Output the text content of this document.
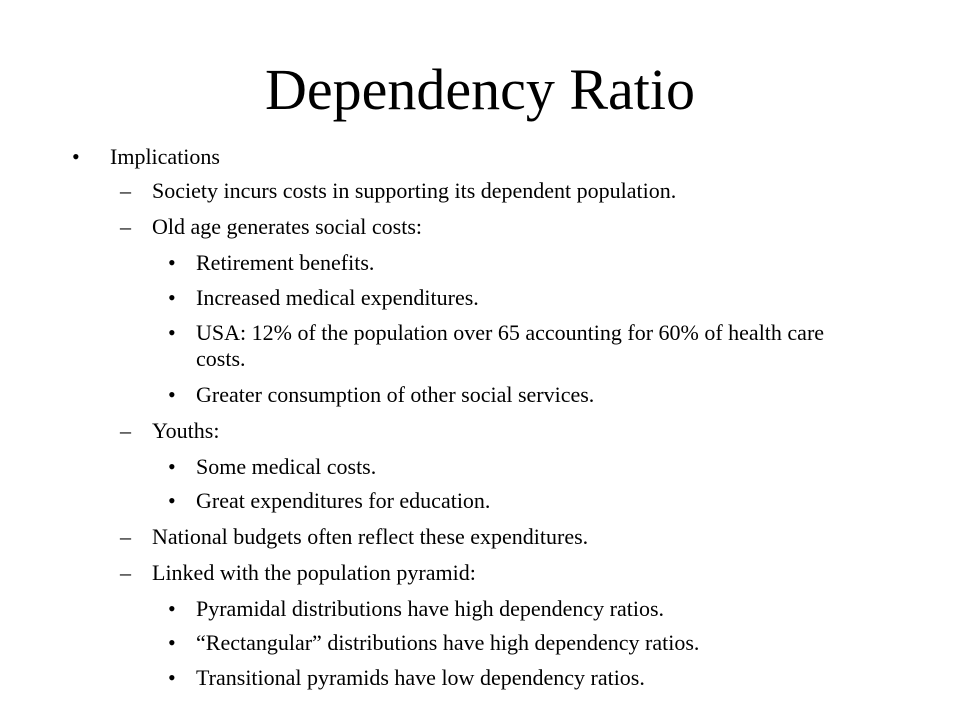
Dependency Ratio
• Implications
– Society incurs costs in supporting its dependent population.
– Old age generates social costs:
• Retirement benefits.
• Increased medical expenditures.
• USA: 12% of the population over 65 accounting for 60% of health care costs.
• Greater consumption of other social services.
– Youths:
• Some medical costs.
• Great expenditures for education.
– National budgets often reflect these expenditures.
– Linked with the population pyramid:
• Pyramidal distributions have high dependency ratios.
• “Rectangular” distributions have high dependency ratios.
• Transitional pyramids have low dependency ratios.
